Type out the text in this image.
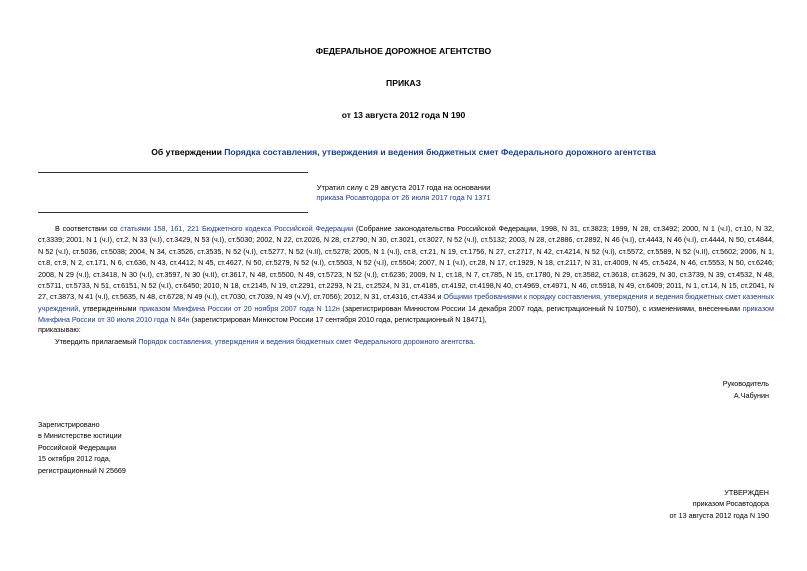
ФЕДЕРАЛЬНОЕ ДОРОЖНОЕ АГЕНТСТВО
ПРИКАЗ
от 13 августа 2012 года N 190
Об утверждении Порядка составления, утверждения и ведения бюджетных смет Федерального дорожного агентства
Утратил силу с 29 августа 2017 года на основании
приказа Росавтодора от 26 июля 2017 года N 1371
В соответствии со статьями 158, 161, 221 Бюджетного кодекса Российской Федерации (Собрание законодательства Российской Федерации, 1998, N 31, ст.3823; 1999, N 28, ст.3492; 2000, N 1 (ч.I), ст.10, N 32, ст.3339; 2001, N 1 (ч.I), ст.2, N 33 (ч.I), ст.3429, N 53 (ч.I), ст.5030; 2002, N 22, ст.2026, N 28, ст.2790, N 30, ст.3021, ст.3027, N 52 (ч.I), ст.5132; 2003, N 28, ст.2886, ст.2892, N 46 (ч.I), ст.4443, N 46 (ч.I), ст.4444, N 50, ст.4844, N 52 (ч.I), ст.5036, ст.5038; 2004, N 34, ст.3526, ст.3535, N 52 (ч.I), ст.5277, N 52 (ч.II), ст.5278; 2005, N 1 (ч.I), ст.8, ст.21, N 19, ст.1756, N 27, ст.2717, N 42, ст.4214, N 52 (ч.I), ст.5572, ст.5589, N 52 (ч.II), ст.5602; 2006, N 1, ст.8, ст.9, N 2, ст.171, N 6, ст.636, N 43, ст.4412, N 45, ст.4627, N 50, ст.5279, N 52 (ч.I), ст.5503, N 52 (ч.I), ст.5504; 2007, N 1 (ч.I), ст.28, N 17, ст.1929, N 18, ст.2117, N 31, ст.4009, N 45, ст.5424, N 46, ст.5553, N 50, ст.6246; 2008, N 29 (ч.I), ст.3418, N 30 (ч.I), ст.3597, N 30 (ч.II), ст.3617, N 48, ст.5500, N 49, ст.5723, N 52 (ч.I), ст.6236; 2009, N 1, ст.18, N 7, ст.785, N 15, ст.1780, N 29, ст.3582, ст.3618, ст.3629, N 30, ст.3739, N 39, ст.4532, N 48, ст.5711, ст.5733, N 51, ст.6151, N 52 (ч.I), ст.6450; 2010, N 18, ст.2145, N 19, ст.2291, ст.2293, N 21, ст.2524, N 31, ст.4185, ст.4192, ст.4198,N 40, ст.4969, ст.4971, N 46, ст.5918, N 49, ст.6409; 2011, N 1, ст.14, N 15, ст.2041, N 27, ст.3873, N 41 (ч.I), ст.5635, N 48, ст.6728, N 49 (ч.I), ст.7030, ст.7039, N 49 (ч.V), ст.7056); 2012, N 31, ст.4316, ст.4334 и Общими требованиями к порядку составления, утверждения и ведения бюджетных смет казенных учреждений, утвержденными приказом Минфина России от 20 ноября 2007 года N 112н (зарегистрирован Минюстом России 14 декабря 2007 года, регистрационный N 10750), с изменениями, внесенными приказом Минфина России от 30 июля 2010 года N 84н (зарегистрирован Минюстом России 17 сентября 2010 года, регистрационный N 18471),
приказываю:
Утвердить прилагаемый Порядок составления, утверждения и ведения бюджетных смет Федерального дорожного агентства.
Руководитель
А.Чабунин
Зарегистрировано
в Министерстве юстиции
Российской Федерации
15 октября 2012 года,
регистрационный N 25669
УТВЕРЖДЕН
приказом Росавтодора
от 13 августа 2012 года N 190
